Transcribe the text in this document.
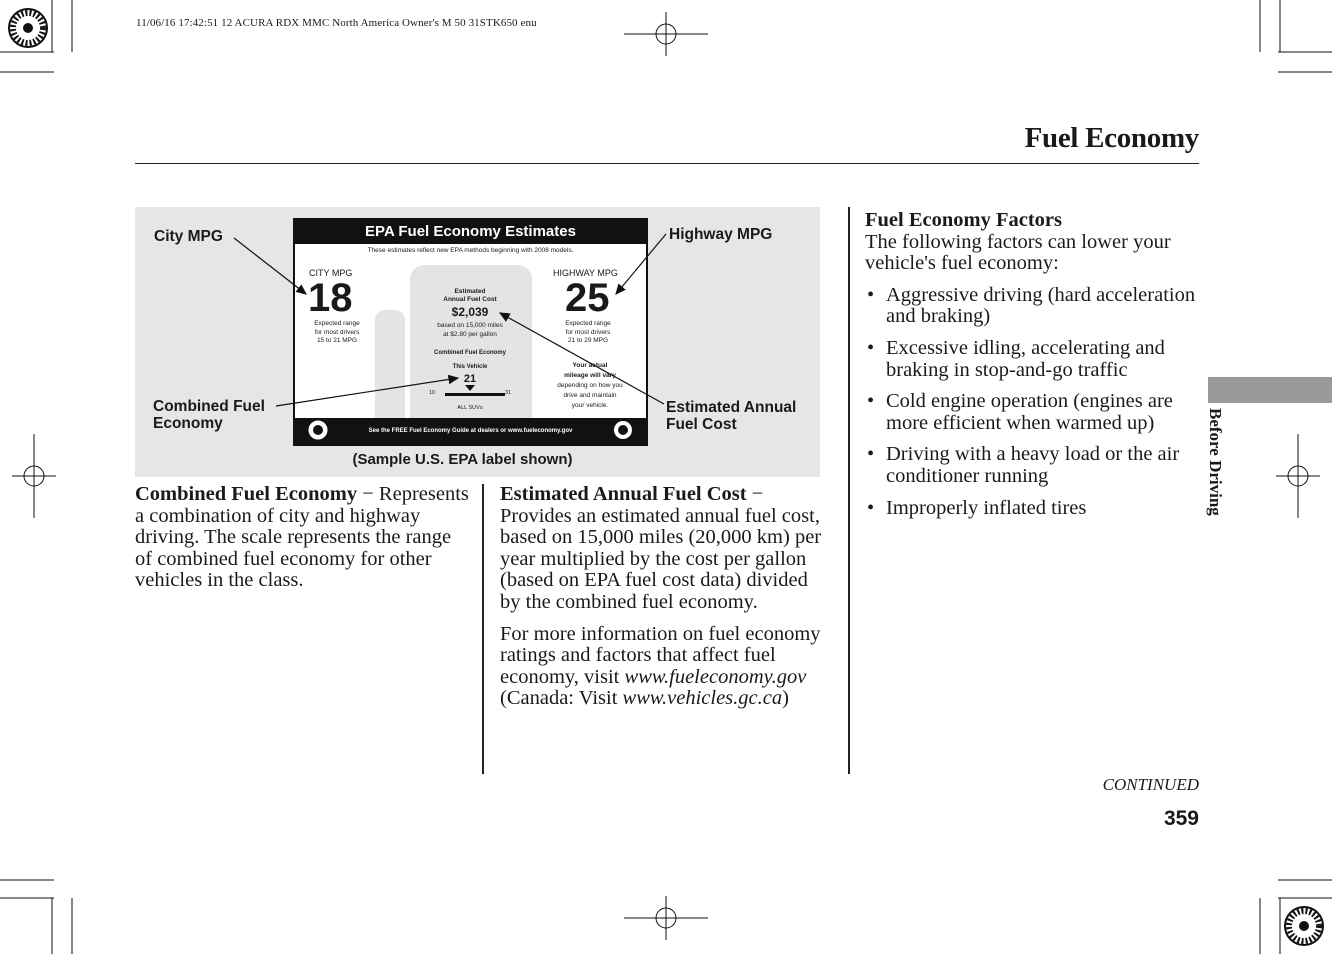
11/06/16 17:42:51 12 ACURA RDX MMC North America Owner's M 50 31STK650 enu
Fuel Economy
EPA Fuel Economy Estimates
These estimates reflect new EPA methods beginning with 2008 models.
CITY MPG
18
Expected range
for most drivers
15 to 21 MPG
HIGHWAY MPG
25
Expected range
for most drivers
21 to 29 MPG
Estimated
Annual Fuel Cost
$2,039
based on 15,000 miles
at $2.80 per gallon
Combined Fuel Economy
This Vehicle
21
10	31
ALL SUVs
Your actual
mileage will vary
depending on how you
drive and maintain
your vehicle.
See the FREE Fuel Economy Guide at dealers or www.fueleconomy.gov
City MPG	Highway MPG
Combined Fuel
Economy
Estimated Annual
Fuel Cost
(Sample U.S. EPA label shown)
Combined Fuel Economy − Represents a combination of city and highway driving. The scale represents the range of combined fuel economy for other vehicles in the class.
Estimated Annual Fuel Cost − Provides an estimated annual fuel cost, based on 15,000 miles (20,000 km) per year multiplied by the cost per gallon (based on EPA fuel cost data) divided by the combined fuel economy.
For more information on fuel economy ratings and factors that affect fuel economy, visit www.fueleconomy.gov (Canada: Visit www.vehicles.gc.ca)
Fuel Economy Factors
The following factors can lower your vehicle's fuel economy:
• Aggressive driving (hard acceleration and braking)
• Excessive idling, accelerating and braking in stop-and-go traffic
• Cold engine operation (engines are more efficient when warmed up)
• Driving with a heavy load or the air conditioner running
• Improperly inflated tires	Before Driving
CONTINUED
359
